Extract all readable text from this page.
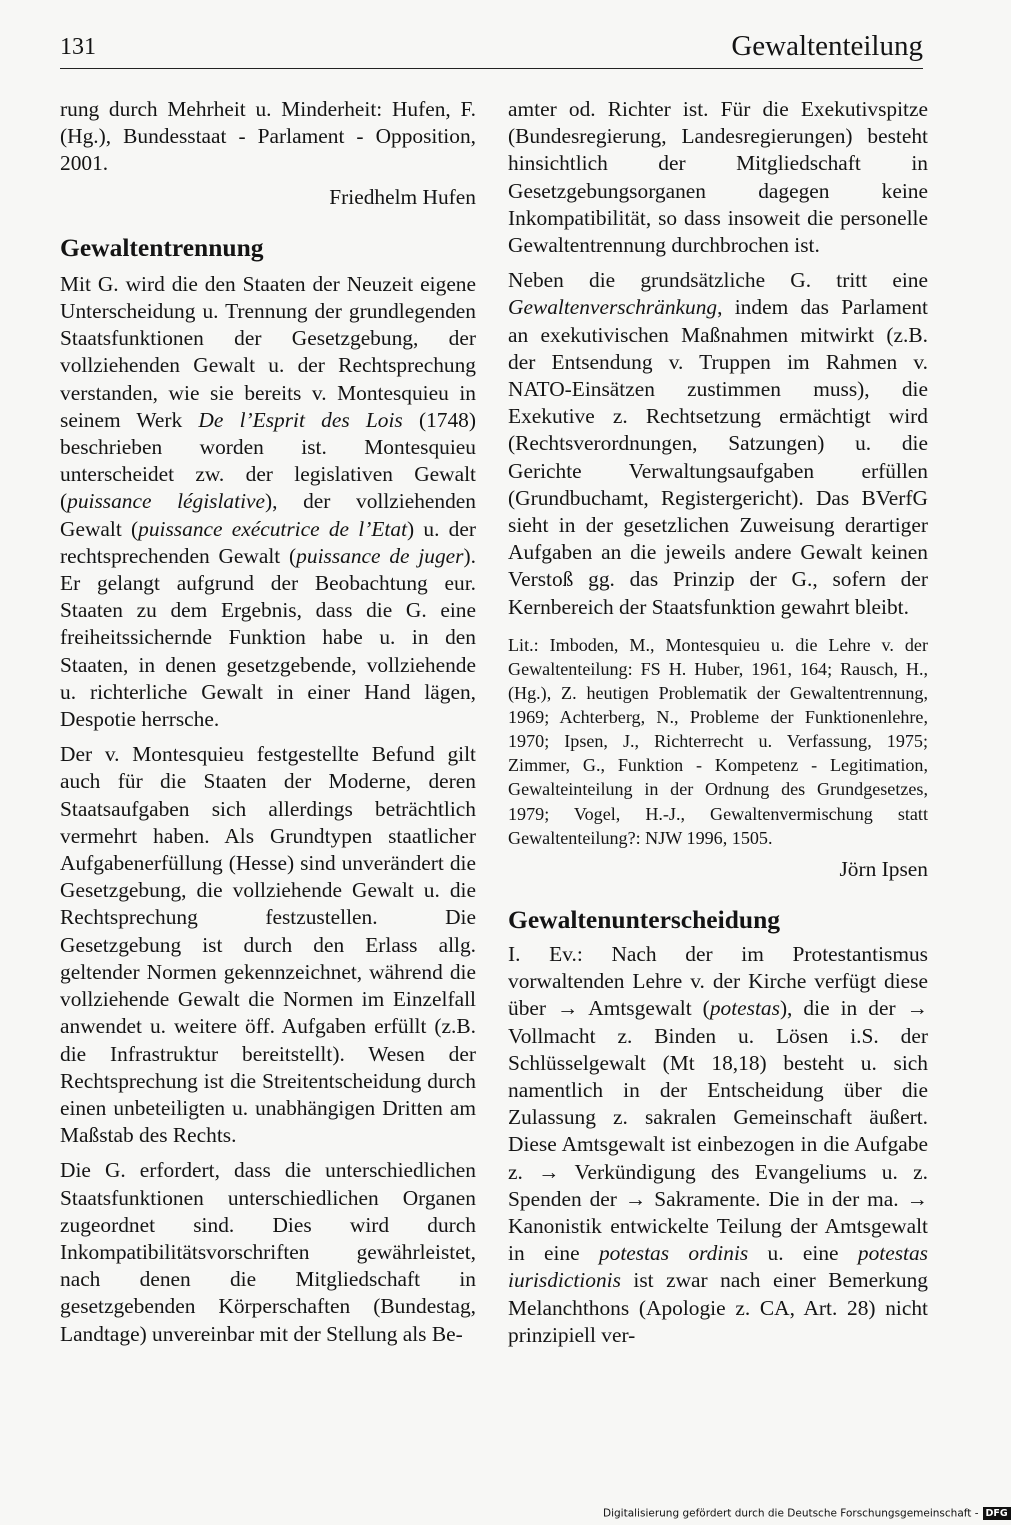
131	Gewaltenteilung

rung durch Mehrheit u. Minderheit: Hufen, F. (Hg.), Bundesstaat - Parlament - Opposition, 2001.

Friedhelm Hufen
Gewaltentrennung

Mit G. wird die den Staaten der Neuzeit eigene Unterscheidung u. Trennung der grundlegenden Staatsfunktionen der Gesetzgebung, der vollziehenden Gewalt u. der Rechtsprechung verstanden, wie sie bereits v. Montesquieu in seinem Werk De l’Esprit des Lois (1748) beschrieben worden ist. Montesquieu unterscheidet zw. der legislativen Gewalt (puissance législative), der vollziehenden Gewalt (puissance exécutrice de l’Etat) u. der rechtsprechenden Gewalt (puissance de juger). Er gelangt aufgrund der Beobachtung eur. Staaten zu dem Ergebnis, dass die G. eine freiheitssichernde Funktion habe u. in den Staaten, in denen gesetzgebende, vollziehende u. richterliche Gewalt in einer Hand lägen, Despotie herrsche.

Der v. Montesquieu festgestellte Befund gilt auch für die Staaten der Moderne, deren Staatsaufgaben sich allerdings beträchtlich vermehrt haben. Als Grundtypen staatlicher Aufgabenerfüllung (Hesse) sind unverändert die Gesetzgebung, die vollziehende Gewalt u. die Rechtsprechung festzustellen. Die Gesetzgebung ist durch den Erlass allg. geltender Normen gekennzeichnet, während die vollziehende Gewalt die Normen im Einzelfall anwendet u. weitere öff. Aufgaben erfüllt (z.B. die Infrastruktur bereitstellt). Wesen der Rechtsprechung ist die Streitentscheidung durch einen unbeteiligten u. unabhängigen Dritten am Maßstab des Rechts.

Die G. erfordert, dass die unterschiedlichen Staatsfunktionen unterschiedlichen Organen zugeordnet sind. Dies wird durch Inkompatibilitätsvorschriften gewährleistet, nach denen die Mitgliedschaft in gesetzgebenden Körperschaften (Bundestag, Landtage) unvereinbar mit der Stellung als Be-

amter od. Richter ist. Für die Exekutivspitze (Bundesregierung, Landesregierungen) besteht hinsichtlich der Mitgliedschaft in Gesetzgebungsorganen dagegen keine Inkompatibilität, so dass insoweit die personelle Gewaltentrennung durchbrochen ist.

Neben die grundsätzliche G. tritt eine Gewaltenverschränkung, indem das Parlament an exekutivischen Maßnahmen mitwirkt (z.B. der Entsendung v. Truppen im Rahmen v. NATO-Einsätzen zustimmen muss), die Exekutive z. Rechtsetzung ermächtigt wird (Rechtsverordnungen, Satzungen) u. die Gerichte Verwaltungsaufgaben erfüllen (Grundbuchamt, Registergericht). Das BVerfG sieht in der gesetzlichen Zuweisung derartiger Aufgaben an die jeweils andere Gewalt keinen Verstoß gg. das Prinzip der G., sofern der Kernbereich der Staatsfunktion gewahrt bleibt.

Lit.: Imboden, M., Montesquieu u. die Lehre v. der Gewaltenteilung: FS H. Huber, 1961, 164; Rausch, H., (Hg.), Z. heutigen Problematik der Gewaltentrennung, 1969; Achterberg, N., Probleme der Funktionenlehre, 1970; Ipsen, J., Richterrecht u. Verfassung, 1975; Zimmer, G., Funktion - Kompetenz - Legitimation, Gewalteinteilung in der Ordnung des Grundgesetzes, 1979; Vogel, H.-J., Gewaltenvermischung statt Gewaltenteilung?: NJW 1996, 1505.

Jörn Ipsen
Gewaltenunterscheidung

I. Ev.: Nach der im Protestantismus vorwaltenden Lehre v. der Kirche verfügt diese über → Amtsgewalt (potestas), die in der → Vollmacht z. Binden u. Lösen i.S. der Schlüsselgewalt (Mt 18,18) besteht u. sich namentlich in der Entscheidung über die Zulassung z. sakralen Gemeinschaft äußert. Diese Amtsgewalt ist einbezogen in die Aufgabe z. → Verkündigung des Evangeliums u. z. Spenden der → Sakramente. Die in der ma. → Kanonistik entwickelte Teilung der Amtsgewalt in eine potestas ordinis u. eine potestas iurisdictionis ist zwar nach einer Bemerkung Melanchthons (Apologie z. CA, Art. 28) nicht prinzipiell ver-

Digitalisierung gefördert durch die Deutsche Forschungsgemeinschaft - DFG
